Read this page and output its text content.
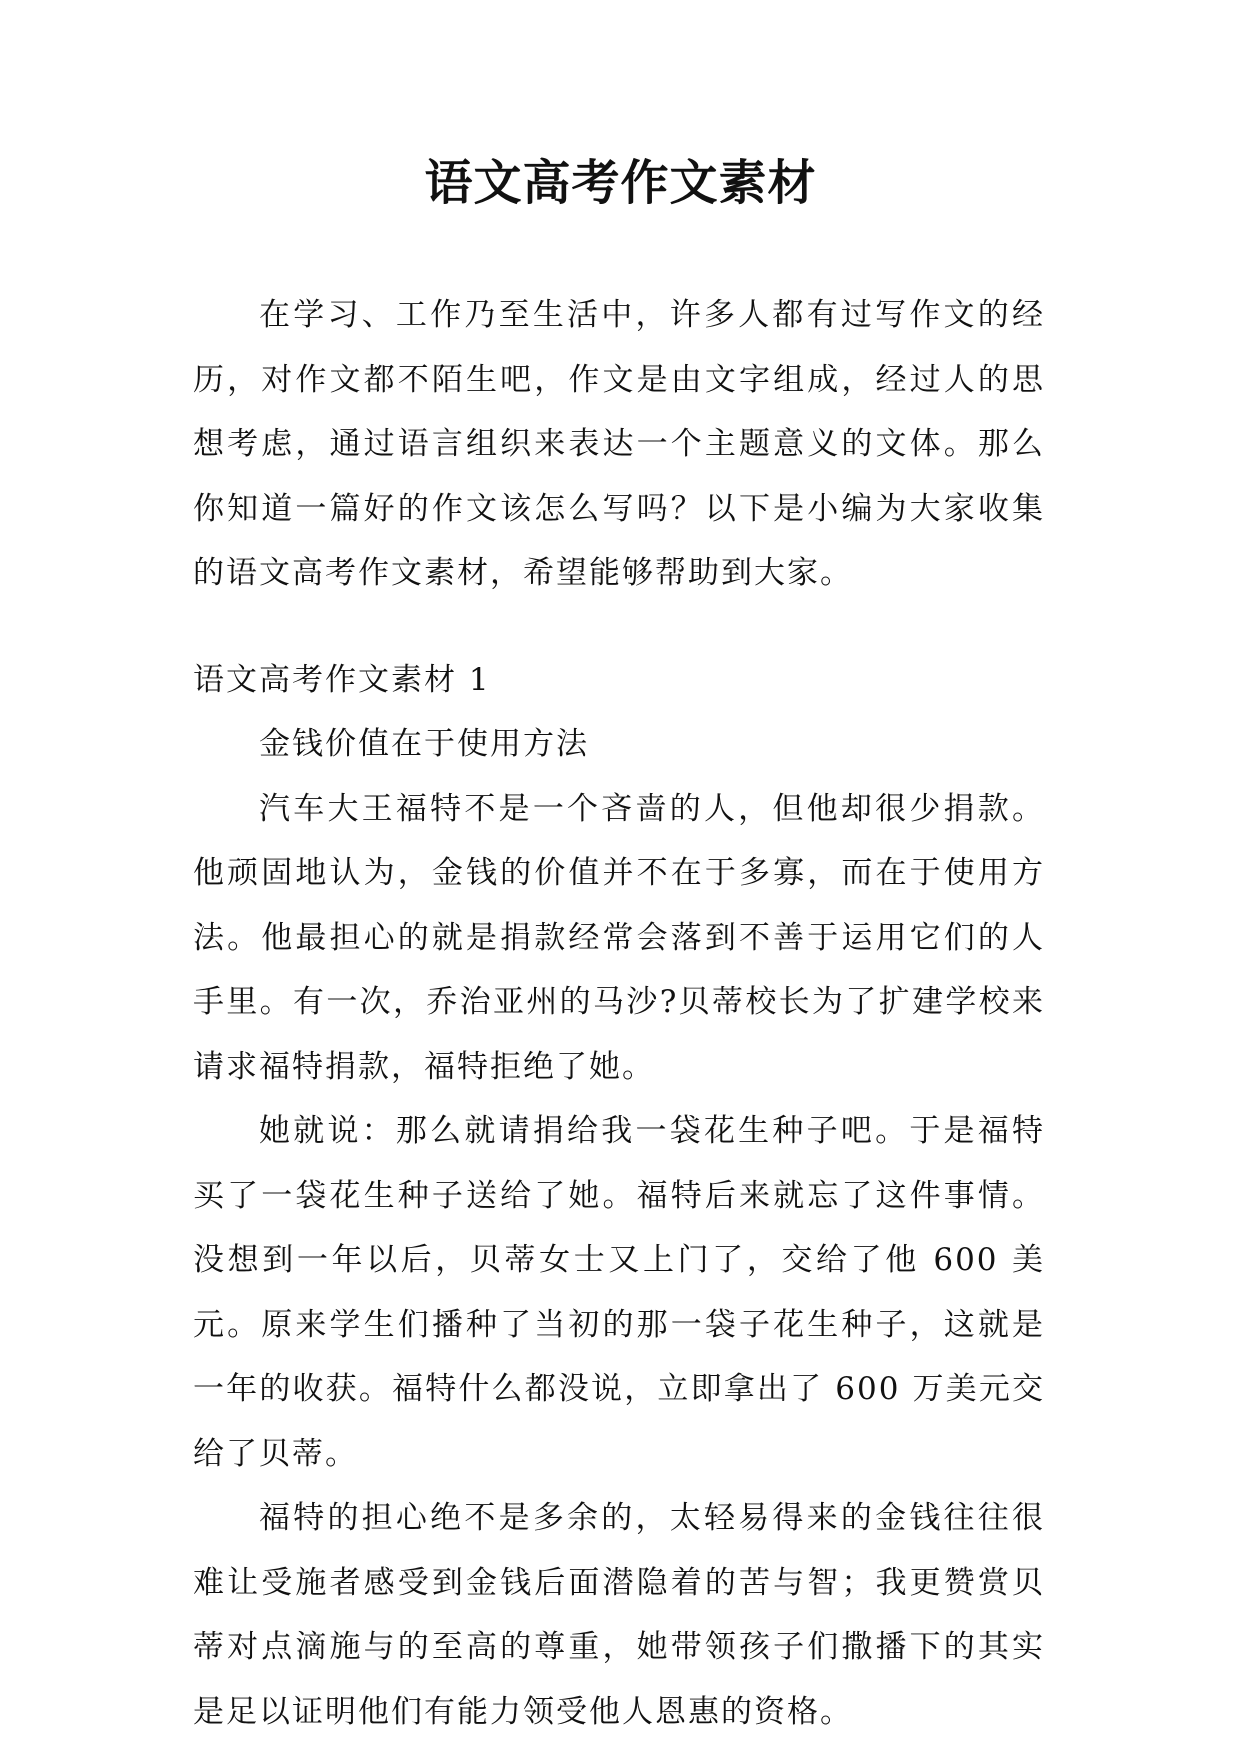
语文高考作文素材

在学习、工作乃至生活中，许多人都有过写作文的经历，对作文都不陌生吧，作文是由文字组成，经过人的思想考虑，通过语言组织来表达一个主题意义的文体。那么你知道一篇好的作文该怎么写吗？以下是小编为大家收集的语文高考作文素材，希望能够帮助到大家。

语文高考作文素材 1

金钱价值在于使用方法

汽车大王福特不是一个吝啬的人，但他却很少捐款。他顽固地认为，金钱的价值并不在于多寡，而在于使用方法。他最担心的就是捐款经常会落到不善于运用它们的人手里。有一次，乔治亚州的马沙?贝蒂校长为了扩建学校来请求福特捐款，福特拒绝了她。

她就说：那么就请捐给我一袋花生种子吧。于是福特买了一袋花生种子送给了她。福特后来就忘了这件事情。没想到一年以后，贝蒂女士又上门了，交给了他 600 美元。原来学生们播种了当初的那一袋子花生种子，这就是一年的收获。福特什么都没说，立即拿出了 600 万美元交给了贝蒂。

福特的担心绝不是多余的，太轻易得来的金钱往往很难让受施者感受到金钱后面潜隐着的苦与智；我更赞赏贝蒂对点滴施与的至高的尊重，她带领孩子们撒播下的其实是足以证明他们有能力领受他人恩惠的资格。
